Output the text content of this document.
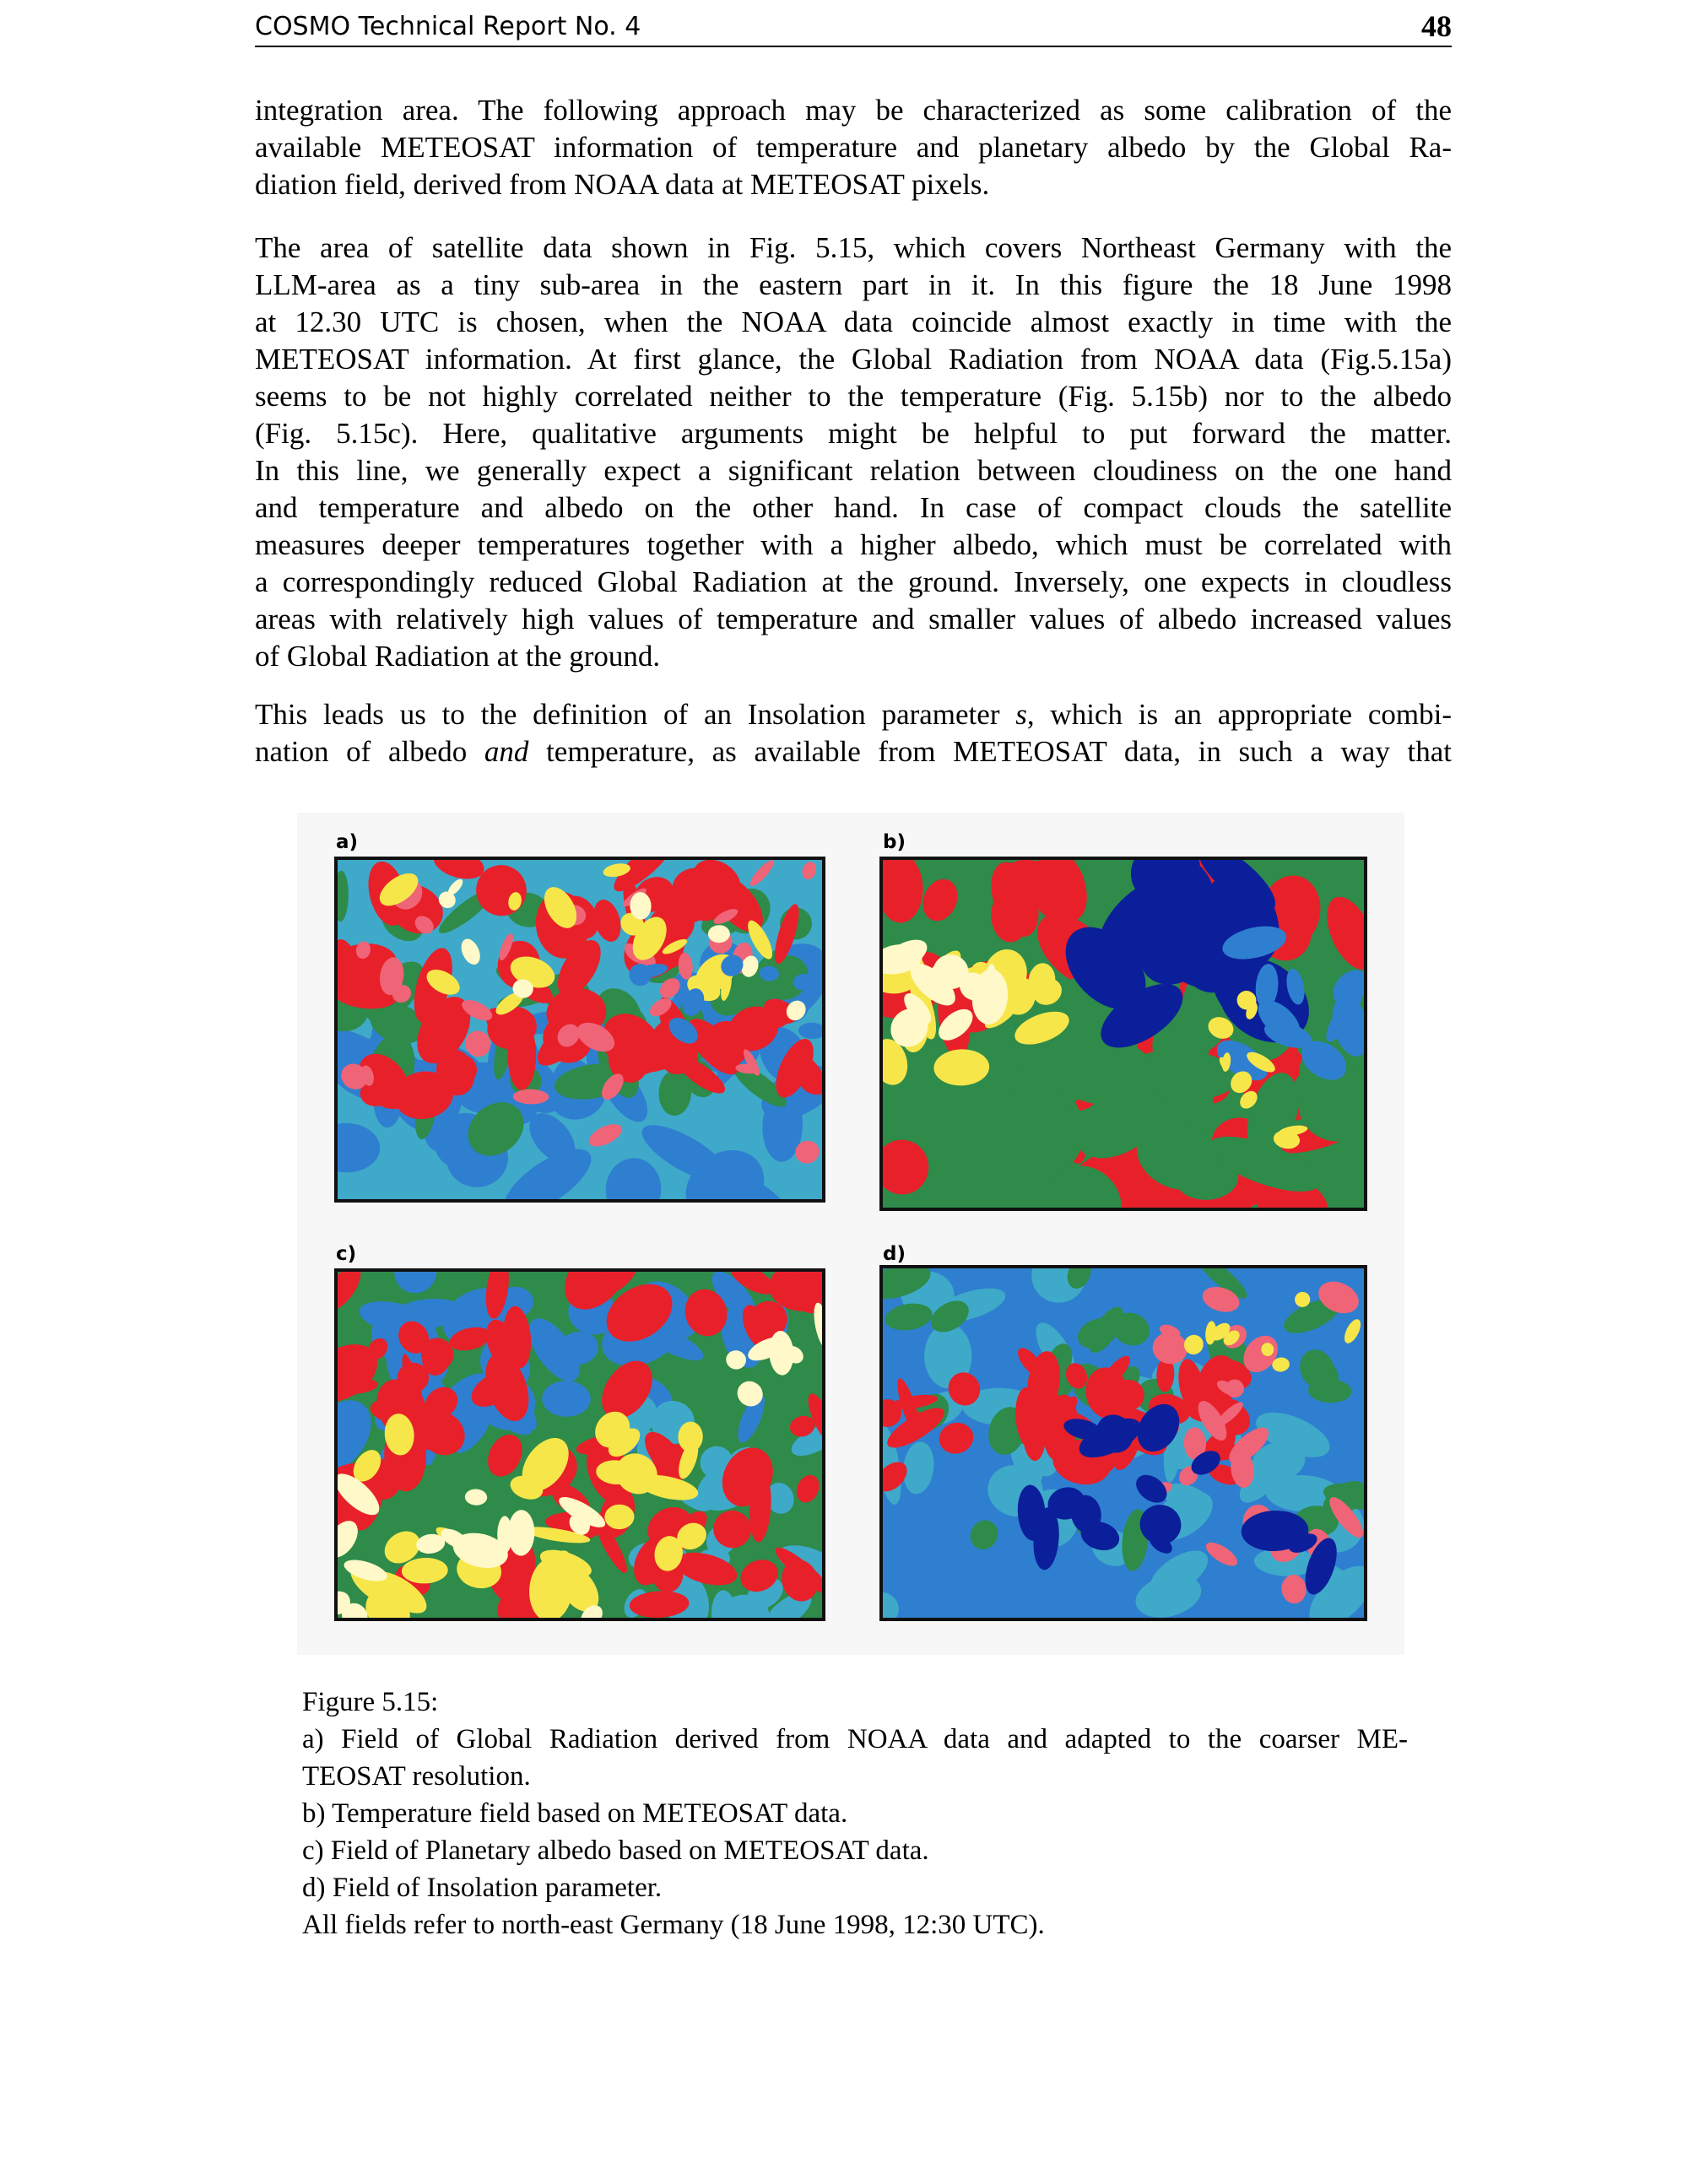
COSMO Technical Report No. 4	48
integration area. The following approach may be characterized as some calibration of the
available METEOSAT information of temperature and planetary albedo by the Global Ra-
diation field, derived from NOAA data at METEOSAT pixels.
The area of satellite data shown in Fig. 5.15, which covers Northeast Germany with the
LLM-area as a tiny sub-area in the eastern part in it. In this figure the 18 June 1998
at 12.30 UTC is chosen, when the NOAA data coincide almost exactly in time with the
METEOSAT information. At first glance, the Global Radiation from NOAA data (Fig.5.15a)
seems to be not highly correlated neither to the temperature (Fig. 5.15b) nor to the albedo
(Fig. 5.15c). Here, qualitative arguments might be helpful to put forward the matter.
In this line, we generally expect a significant relation between cloudiness on the one hand
and temperature and albedo on the other hand. In case of compact clouds the satellite
measures deeper temperatures together with a higher albedo, which must be correlated with
a correspondingly reduced Global Radiation at the ground. Inversely, one expects in cloudless
areas with relatively high values of temperature and smaller values of albedo increased values
of Global Radiation at the ground.
This leads us to the definition of an Insolation parameter s, which is an appropriate combi-
nation of albedo and temperature, as available from METEOSAT data, in such a way that
a)	b)
c)	d)
Figure 5.15:
a) Field of Global Radiation derived from NOAA data and adapted to the coarser ME-
TEOSAT resolution.
b) Temperature field based on METEOSAT data.
c) Field of Planetary albedo based on METEOSAT data.
d) Field of Insolation parameter.
All fields refer to north-east Germany (18 June 1998, 12:30 UTC).
